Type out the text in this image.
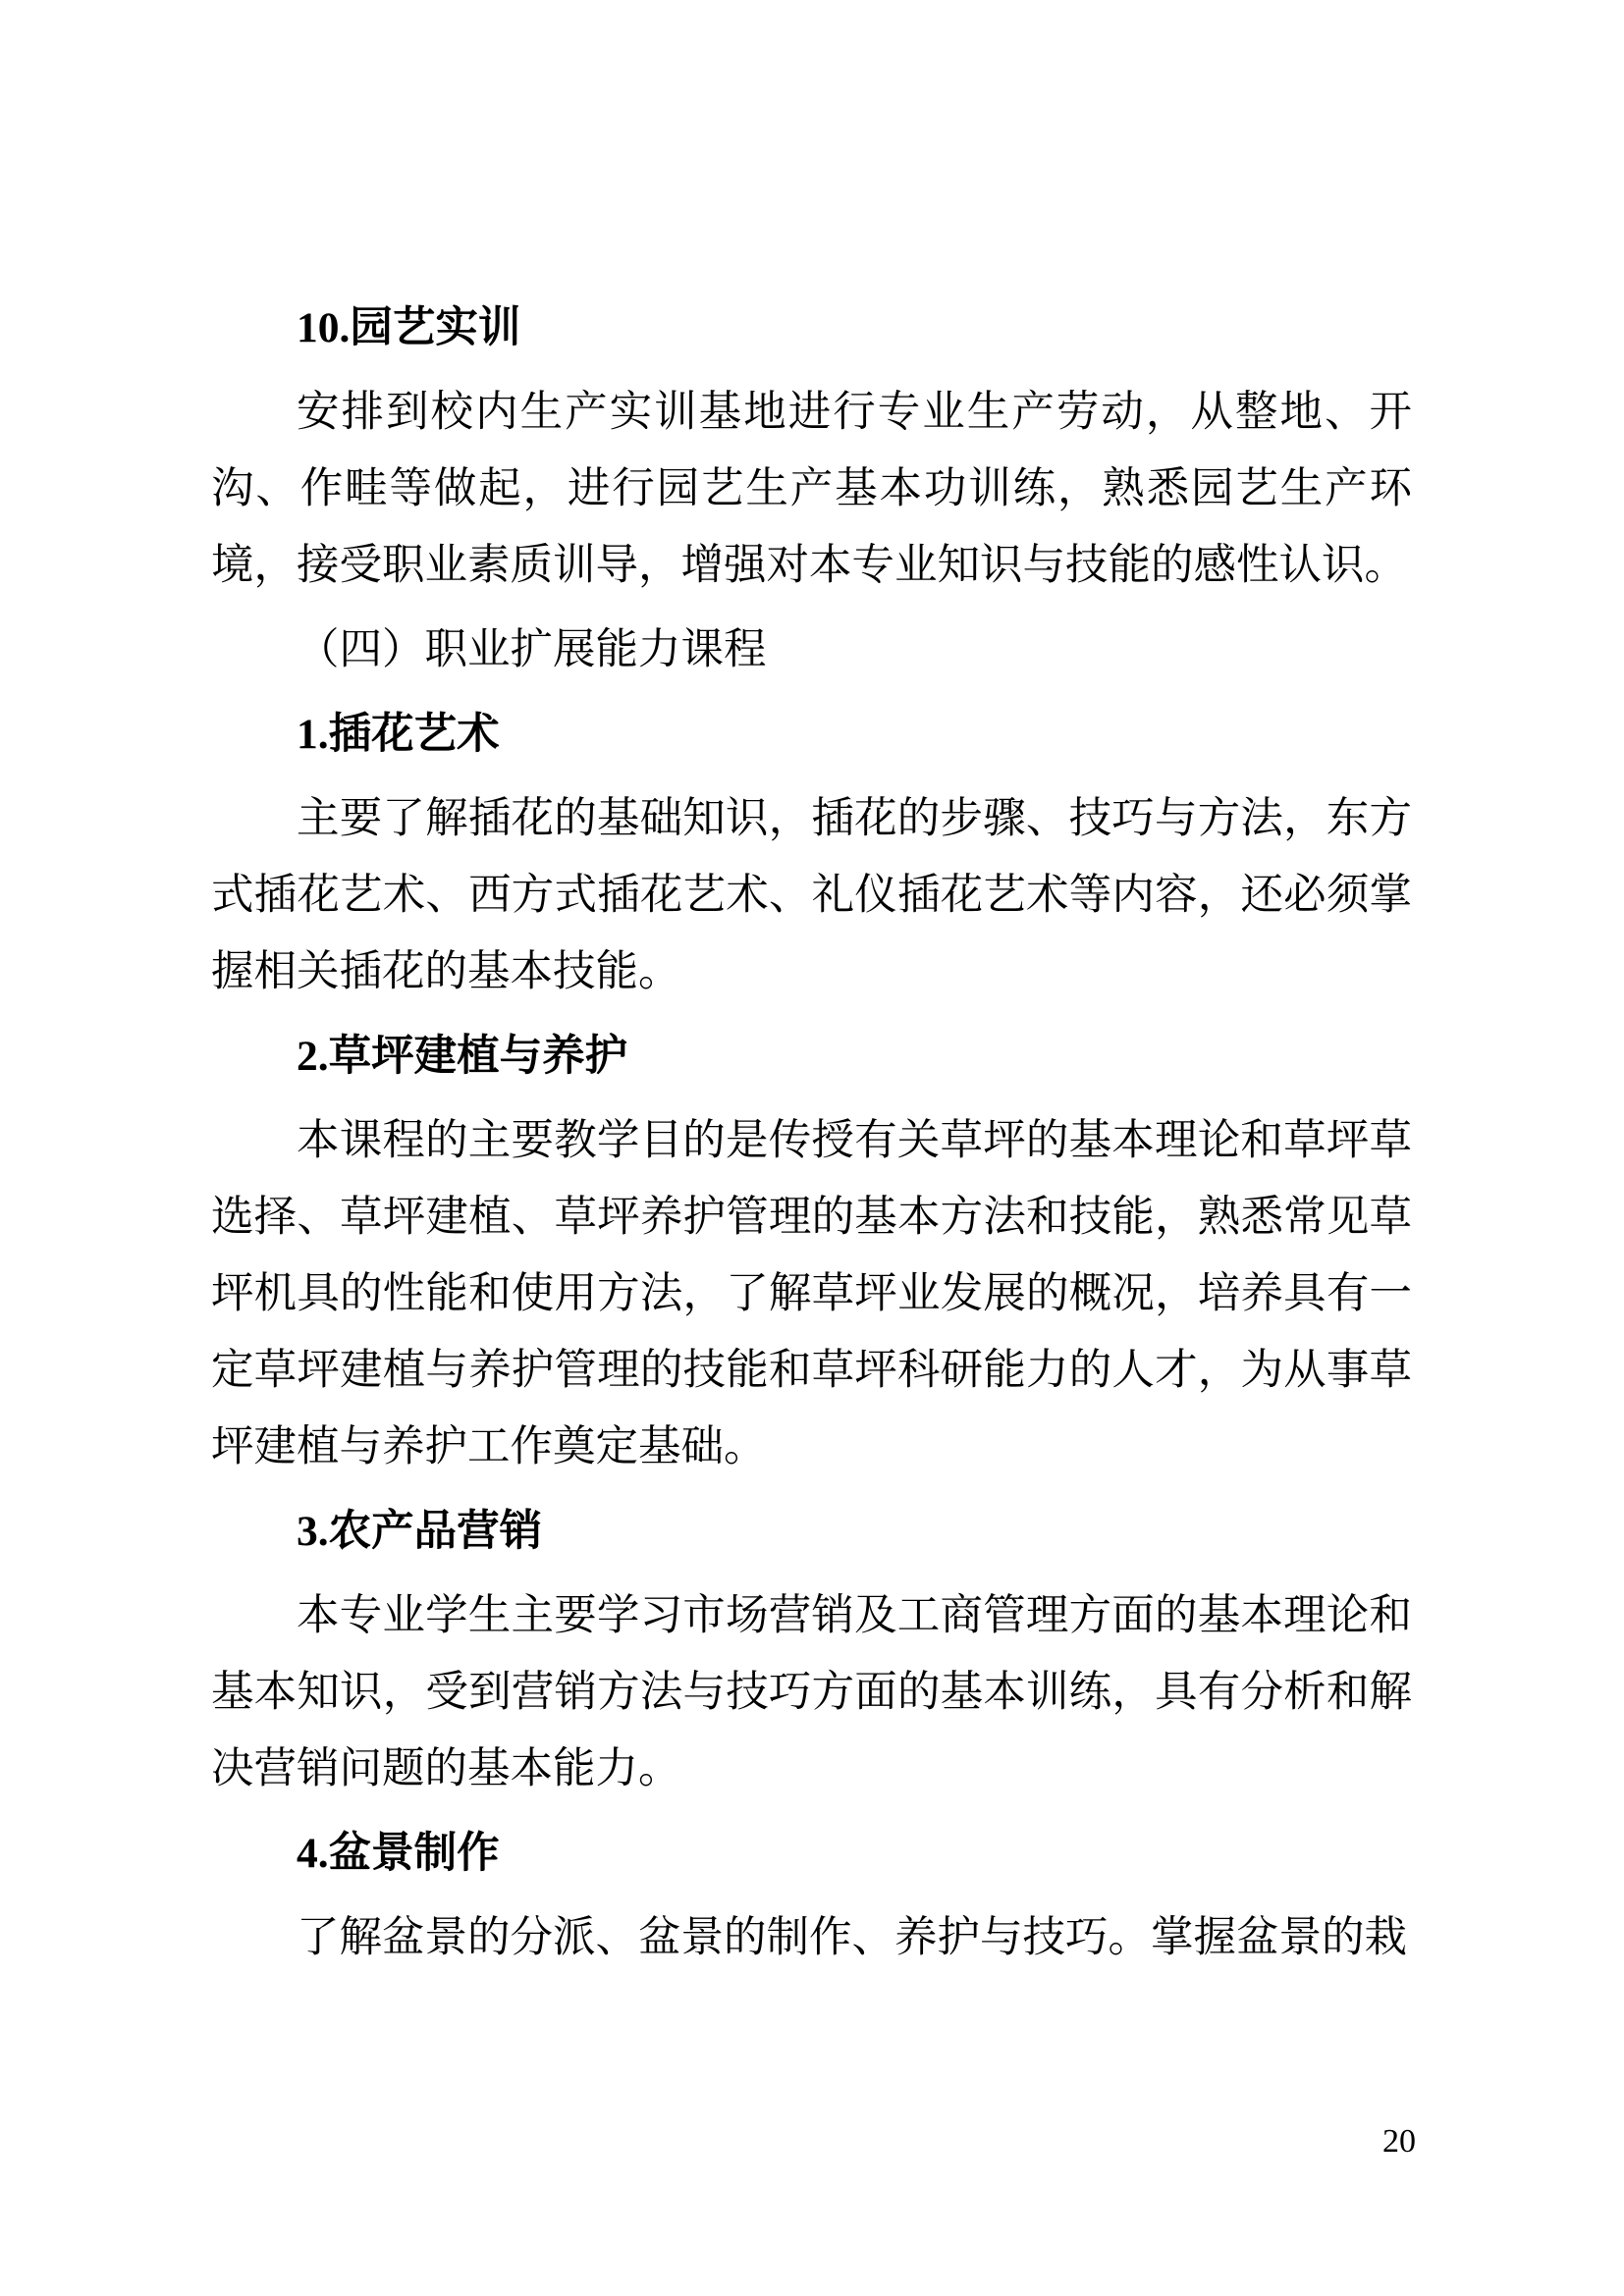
10.园艺实训

安排到校内生产实训基地进行专业生产劳动，从整地、开沟、作畦等做起，进行园艺生产基本功训练，熟悉园艺生产环境，接受职业素质训导，增强对本专业知识与技能的感性认识。

（四）职业扩展能力课程
1.插花艺术

主要了解插花的基础知识，插花的步骤、技巧与方法，东方式插花艺术、西方式插花艺术、礼仪插花艺术等内容，还必须掌握相关插花的基本技能。

2.草坪建植与养护

本课程的主要教学目的是传授有关草坪的基本理论和草坪草选择、草坪建植、草坪养护管理的基本方法和技能，熟悉常见草坪机具的性能和使用方法，了解草坪业发展的概况，培养具有一定草坪建植与养护管理的技能和草坪科研能力的人才，为从事草坪建植与养护工作奠定基础。

3.农产品营销

本专业学生主要学习市场营销及工商管理方面的基本理论和基本知识，受到营销方法与技巧方面的基本训练，具有分析和解决营销问题的基本能力。

4.盆景制作

了解盆景的分派、盆景的制作、养护与技巧。掌握盆景的栽

20
